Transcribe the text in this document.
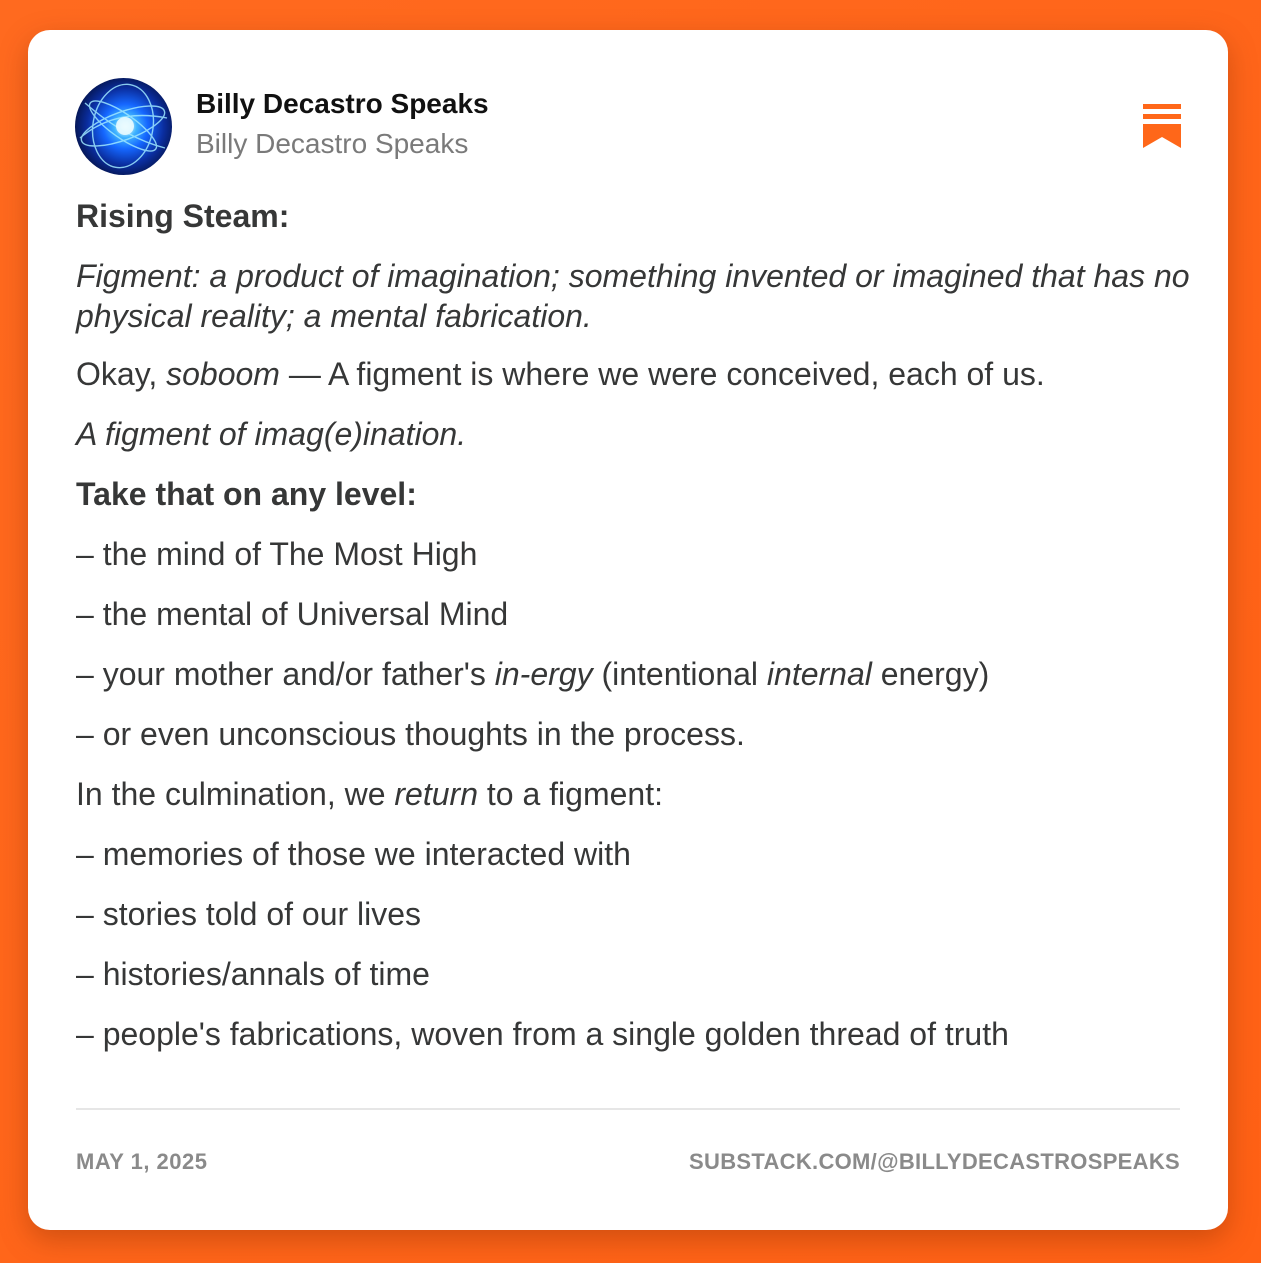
Billy Decastro Speaks
Billy Decastro Speaks

Rising Steam:

Figment: a product of imagination; something invented or imagined that has no physical reality; a mental fabrication.

Okay, soboom — A figment is where we were conceived, each of us.

A figment of imag(e)ination.

Take that on any level:

– the mind of The Most High

– the mental of Universal Mind

– your mother and/or father's in-ergy (intentional internal energy)

– or even unconscious thoughts in the process.

In the culmination, we return to a figment:

– memories of those we interacted with

– stories told of our lives

– histories/annals of time

– people's fabrications, woven from a single golden thread of truth

MAY 1, 2025	SUBSTACK.COM/@BILLYDECASTROSPEAKS
